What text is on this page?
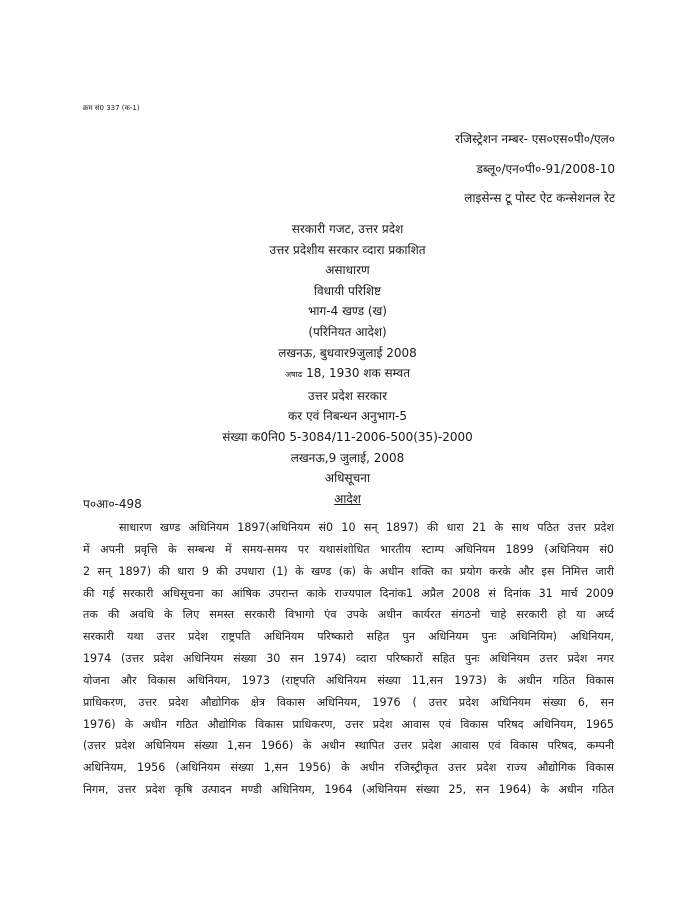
क्रम सं0 337 (क-1)
रजिस्ट्रेशन नम्बर- एस०एस०पी०/एल०
डब्लू०/एन०पी०-91/2008-10
लाइसेन्स टू पोस्ट ऐट कन्सेशनल रेट
सरकारी गजट, उत्तर प्रदेश
उत्तर प्रदेशीय सरकार व्दारा प्रकाशित
असाधारण
विधायी परिशिष्ट
भाग-4 खण्ड (ख)
(परिनियत आदेश)
लखनऊ, बुधवार9जुलाई 2008
अषाढ 18, 1930 शक सम्वत
उत्तर प्रदेश सरकार
कर एवं निबन्धन अनुभाग-5
संख्या क0नि0 5-3084/11-2006-500(35)-2000
लखनऊ,9 जुलाई, 2008
अधिसूचना
आदेश
प०आ०-498
साधारण खण्ड अधिनियम 1897(अधिनियम सं0 10 सन् 1897) की धारा 21 के साथ पठित उत्तर प्रदेश
में अपनी प्रवृत्ति के सम्बन्ध में समय-समय पर यथासंशोधित भारतीय स्टाम्प अधिनियम 1899 (अधिनियम सं0
2 सन् 1897) की धारा 9 की उपधारा (1) के खण्ड (क) के अधीन शक्ति का प्रयोग करके और इस निमित्त जारी
की गई सरकारी अधिसूचना का आंषिक उपरान्त काके राज्यपाल दिनांक1 अप्रैल 2008 सं दिनांक 31 मार्च 2009
तक की अवधि के लिए समस्त सरकारी विभागो एंव उपके अधीन कार्यरत संगठनो चाहे सरकारी हो या अर्घ्द
सरकारी यथा उत्तर प्रदेश राष्ट्रपति अधिनियम परिष्कारो सहित पुन अधिनियम पुनः अधिनियिम) अधिनियम,
1974 (उत्तर प्रदेश अधिनियम संख्या 30 सन 1974) व्दारा परिष्कारों सहित पुनः अधिनियम उत्तर प्रदेश नगर
योजना और विकास अधिनियम, 1973 (राष्ट्पति अधिनियम संख्या 11,सन 1973) के अधीन गठित विकास
प्राधिकरण, उत्तर प्रदेश औद्योगिक क्षेत्र विकास अधिनियम, 1976 ( उत्तर प्रदेश अधिनियम संख्या 6, सन
1976) के अधीन गठित औद्योगिक विकास प्राधिकरण, उत्तर प्रदेश आवास एवं विकास परिषद अधिनियम, 1965
(उत्तर प्रदेश अधिनियम संख्या 1,सन 1966) के अधीन स्थापित उत्तर प्रदेश आवास एवं विकास परिषद, कम्पनी
अधिनियम, 1956 (अधिनियम संख्या 1,सन 1956) के अधीन रजिस्ट्रीकृत उत्तर प्रदेश राज्य औद्योगिक विकास
निगम, उत्तर प्रदेश कृषि उत्पादन मण्डी अधिनियम, 1964 (अधिनियम संख्या 25, सन 1964) के अधीन गठित
